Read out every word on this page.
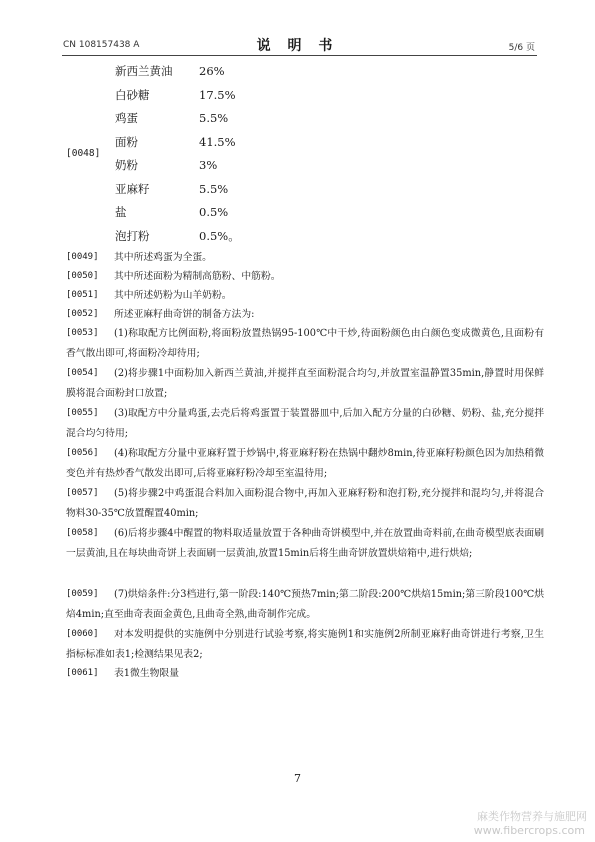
CN 108157438 A	说 明 书	5/6 页
[0048]
新西兰黄油 26%
白砂糖	17.5%
鸡蛋	5.5%
面粉	41.5%
奶粉	3%
亚麻籽	5.5%
盐	0.5%
泡打粉	0.5%。
[0049] 其中所述鸡蛋为全蛋。
[0050] 其中所述面粉为精制高筋粉、中筋粉。
[0051] 其中所述奶粉为山羊奶粉。
[0052] 所述亚麻籽曲奇饼的制备方法为:
[0053]	(1)称取配方比例面粉,将面粉放置热锅95-100℃中干炒,待面粉颜色由白颜色变成微黄色,且面粉有香气散出即可,将面粉冷却待用;
[0054]	(2)将步骤1中面粉加入新西兰黄油,并搅拌直至面粉混合均匀,并放置室温静置35min,静置时用保鲜膜将混合面粉封口放置;
[0055]	(3)取配方中分量鸡蛋,去壳后将鸡蛋置于装置器皿中,后加入配方分量的白砂糖、奶粉、盐,充分搅拌混合均匀待用;
[0056]	(4)称取配方分量中亚麻籽置于炒锅中,将亚麻籽粉在热锅中翻炒8min,待亚麻籽粉颜色因为加热稍微变色并有热炒香气散发出即可,后将亚麻籽粉冷却至室温待用;
[0057]	(5)将步骤2中鸡蛋混合料加入面粉混合物中,再加入亚麻籽粉和泡打粉,充分搅拌和混均匀,并将混合物料30-35℃放置醒置40min;
[0058]	(6)后将步骤4中醒置的物料取适量放置于各种曲奇饼模型中,并在放置曲奇料前,在曲奇模型底表面刷一层黄油,且在每块曲奇饼上表面刷一层黄油,放置15min后将生曲奇饼放置烘焙箱中,进行烘焙;
[0059]	(7)烘焙条件:分3档进行,第一阶段:140℃预热7min;第二阶段:200℃烘焙15min;第三阶段100℃烘焙4min;直至曲奇表面金黄色,且曲奇全熟,曲奇制作完成。
[0060]	对本发明提供的实施例中分别进行试验考察,将实施例1和实施例2所制亚麻籽曲奇饼进行考察,卫生指标标准如表1;检测结果见表2;
[0061] 表1微生物限量
7
麻类作物营养与施肥网
www.fibercrops.com
